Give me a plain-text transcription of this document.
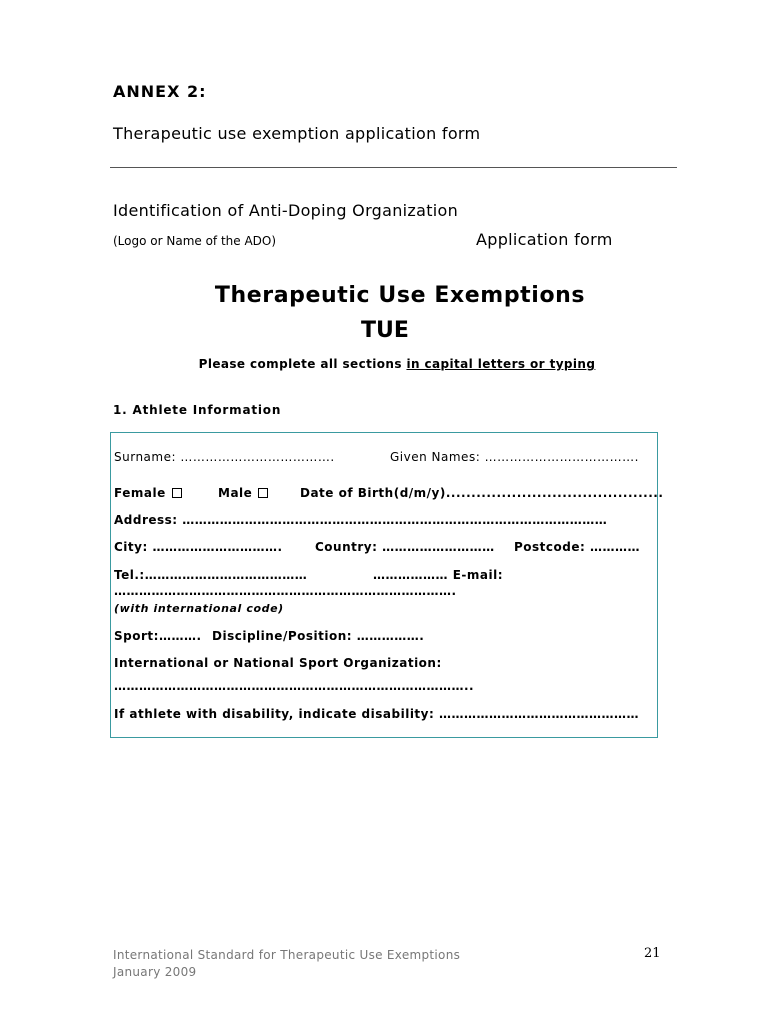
ANNEX 2:
Therapeutic use exemption application form
Identification of Anti-Doping Organization
(Logo or Name of the ADO)	Application form
Therapeutic Use Exemptions
TUE
Please complete all sections in capital letters or typing
1. Athlete Information
Surname: ……………………………….	Given Names: ……………………………….
Female	Male	Date of Birth(d/m/y)...........................................
Address: …………………………………………………………………………………………
City: ………………………….	Country: ……………………… Postcode: …………
Tel.:…………………………………	……………… E-mail:
……………………………………………………………………….
(with international code)
Sport:………. Discipline/Position: …………….
International or National Sport Organization:
…………………………………………………………………………..
If athlete with disability, indicate disability: …………………………………………
International Standard for Therapeutic Use Exemptions
January 2009
21
